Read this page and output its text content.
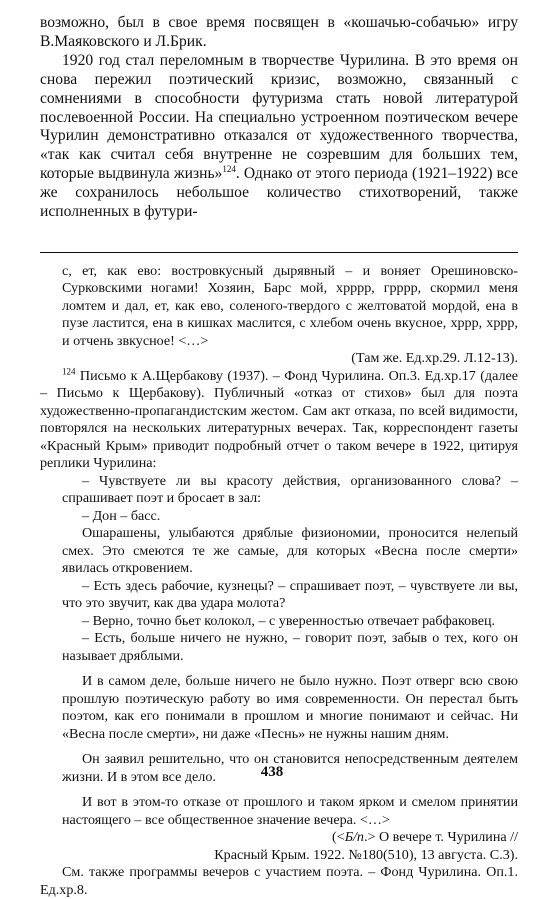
возможно, был в свое время посвящен в «кошачью-собачью» игру В.Маяковского и Л.Брик.

1920 год стал переломным в творчестве Чурилина. В это время он снова пережил поэтический кризис, возможно, связанный с сомнениями в способности футуризма стать новой литературой послевоенной России. На специально устроенном поэтическом вечере Чурилин демонстративно отказался от художественного творчества, «так как считал себя внутренне не созревшим для больших тем, которые выдвинула жизнь»$^{124}$. Однако от этого периода (1921–1922) все же сохранилось небольшое количество стихотворений, также исполненных в футури-

с, ет, как ево: востровкусный дырявный – и воняет Орешиновско-Сурковскими ногами! Хозяин, Барс мой, хрррр, грррр, скормил меня ломтем и дал, ет, как ево, соленого-твердого с желтоватой мордой, ена в пузе ластится, ена в кишках маслится, с хлебом очень вкусное, хррр, хррр, и отчень звкусное! <…>

(Там же. Ед.хр.29. Л.12-13).

$^{124}$ Письмо к А.Щербакову (1937). – Фонд Чурилина. Оп.3. Ед.хр.17 (далее – Письмо к Щербакову). Публичный «отказ от стихов» был для поэта художественно-пропагандистским жестом. Сам акт отказа, по всей видимости, повторялся на нескольких литературных вечерах. Так, корреспондент газеты «Красный Крым» приводит подробный отчет о таком вечере в 1922, цитируя реплики Чурилина:

– Чувствуете ли вы красоту действия, организованного слова? – спрашивает поэт и бросает в зал:

– Дон – басс.

Ошарашены, улыбаются дряблые физиономии, проносится нелепый смех. Это смеются те же самые, для которых «Весна после смерти» явилась откровением.

– Есть здесь рабочие, кузнецы? – спрашивает поэт, – чувствуете ли вы, что это звучит, как два удара молота?

– Верно, точно бьет колокол, – с уверенностью отвечает рабфаковец.

– Есть, больше ничего не нужно, – говорит поэт, забыв о тех, кого он называет дряблыми.

И в самом деле, больше ничего не было нужно. Поэт отверг всю свою прошлую поэтическую работу во имя современности. Он перестал быть поэтом, как его понимали в прошлом и многие понимают и сейчас. Ни «Весна после смерти», ни даже «Песнь» не нужны нашим дням.

Он заявил решительно, что он становится непосредственным деятелем жизни. И в этом все дело.

И вот в этом-то отказе от прошлого и таком ярком и смелом принятии настоящего – все общественное значение вечера. <…>

(<Б/п.> О вечере т. Чурилина //

Красный Крым. 1922. №180(510), 13 августа. С.3).

См. также программы вечеров с участием поэта. – Фонд Чурилина. Оп.1. Ед.хр.8.

438
